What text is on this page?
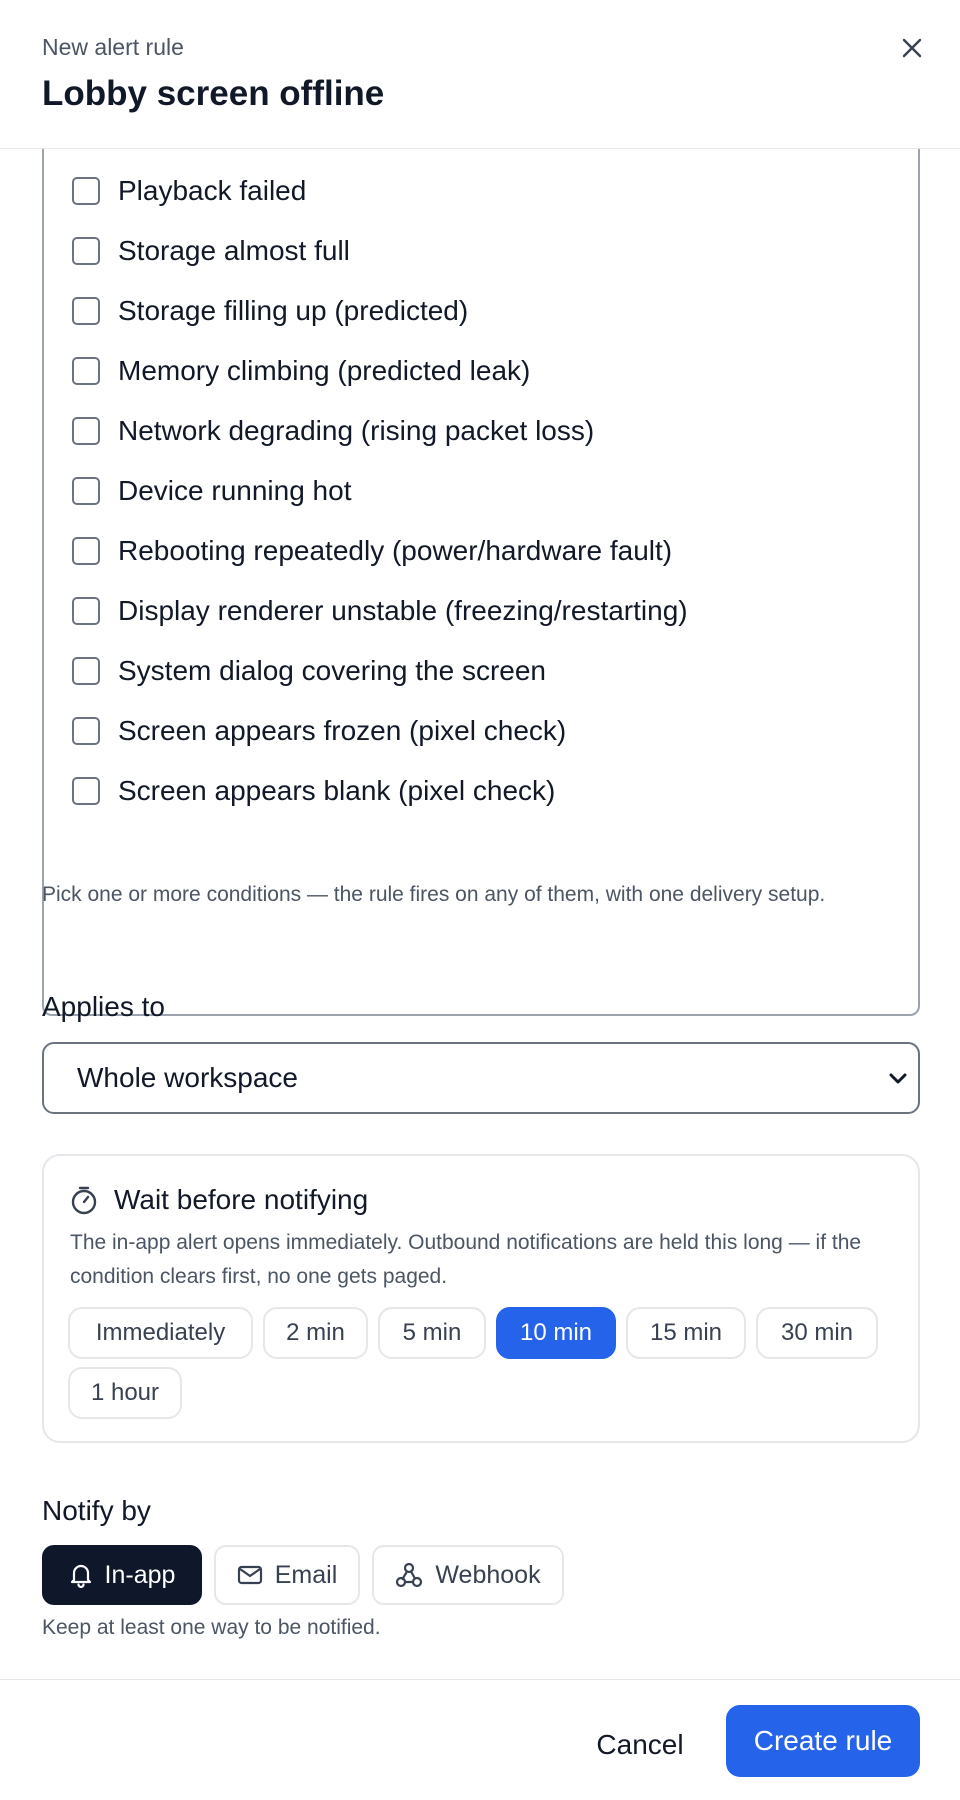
New alert rule
Lobby screen offline
Playback failed
Storage almost full
Storage filling up (predicted)
Memory climbing (predicted leak)
Network degrading (rising packet loss)
Device running hot
Rebooting repeatedly (power/hardware fault)
Display renderer unstable (freezing/restarting)
System dialog covering the screen
Screen appears frozen (pixel check)
Screen appears blank (pixel check)
Pick one or more conditions — the rule fires on any of them, with one delivery setup.
Applies to
Whole workspace
Wait before notifying
The in-app alert opens immediately. Outbound notifications are held this long — if the condition clears first, no one gets paged.
Immediately	2 min	5 min	10 min	15 min	30 min
1 hour
Notify by
In-app	Email	Webhook
Keep at least one way to be notified.
Cancel	Create rule
